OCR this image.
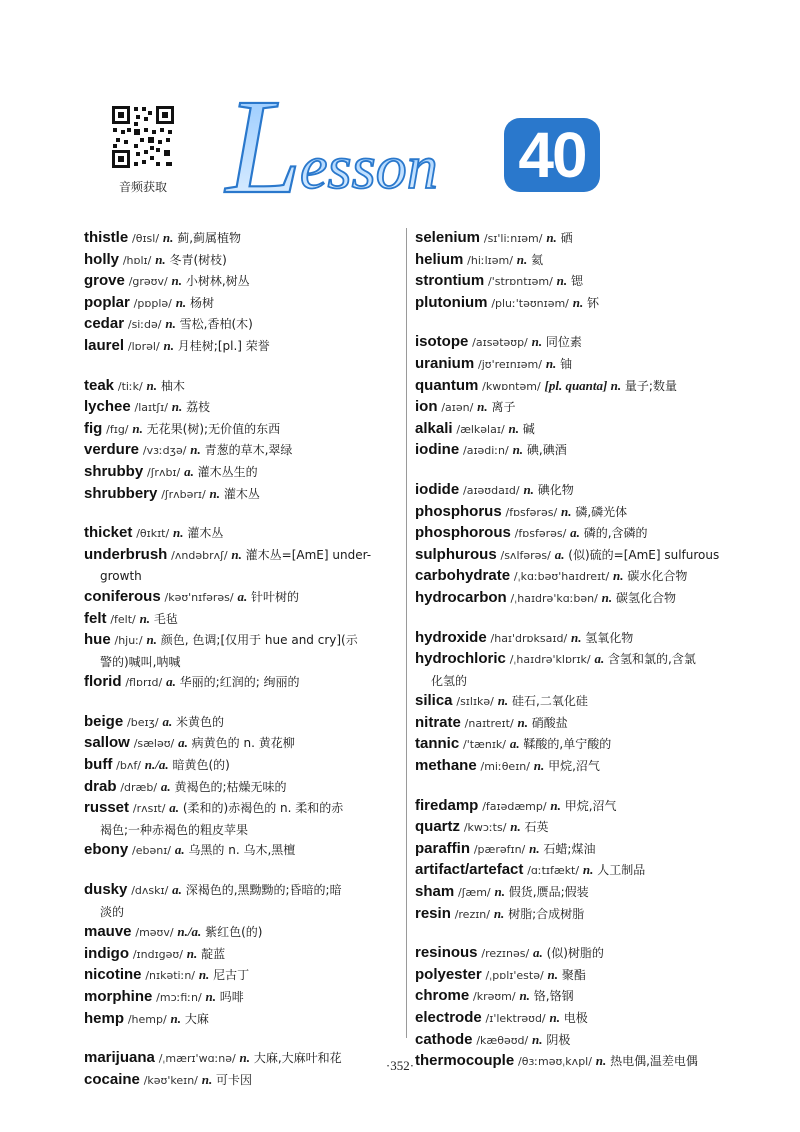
音频获取 L
esson 40
thistle /θɪsl/ n. 蓟,蓟属植物
holly /hɒlɪ/ n. 冬青(树枝)
grove /grəʊv/ n. 小树林,树丛
poplar /pɒplə/ n. 杨树
cedar /siːdə/ n. 雪松,香柏(木)
laurel /lɒrəl/ n. 月桂树;[pl.] 荣誉
teak /tiːk/ n. 柚木
lychee /laɪtʃɪ/ n. 荔枝
fig /fɪg/ n. 无花果(树);无价值的东西
verdure /vɜːdʒə/ n. 青葱的草木,翠绿
shrubby /ʃrʌbɪ/ a. 灌木丛生的
shrubbery /ʃrʌbərɪ/ n. 灌木丛
thicket /θɪkɪt/ n. 灌木丛
underbrush /ʌndəbrʌʃ/ n. 灌木丛=[AmE] under-
growth
coniferous /kəʊ'nɪfərəs/ a. 针叶树的
felt /felt/ n. 毛毡
hue /hjuː/ n. 颜色, 色调;[仅用于 hue and cry](示
警的)喊叫,呐喊
florid /flɒrɪd/ a. 华丽的;红润的; 绚丽的
beige /beɪʒ/ a. 米黄色的
sallow /sæləʊ/ a. 病黄色的 n. 黄花柳
buff /bʌf/ n./a. 暗黄色(的)
drab /dræb/ a. 黄褐色的;枯燥无味的
russet /rʌsɪt/ a. (柔和的)赤褐色的 n. 柔和的赤
褐色;一种赤褐色的粗皮苹果
ebony /ebənɪ/ a. 乌黑的 n. 乌木,黑檀
dusky /dʌskɪ/ a. 深褐色的,黑黝黝的;昏暗的;暗
淡的
mauve /məʊv/ n./a. 紫红色(的)
indigo /ɪndɪgəʊ/ n. 靛蓝
nicotine /nɪkətiːn/ n. 尼古丁
morphine /mɔːfiːn/ n. 吗啡
hemp /hemp/ n. 大麻
marijuana /ˌmærɪ'wɑːnə/ n. 大麻,大麻叶和花
cocaine /kəʊ'keɪn/ n. 可卡因
selenium /sɪ'liːnɪəm/ n. 硒
helium /hiːlɪəm/ n. 氦
strontium /'strɒntɪəm/ n. 锶
plutonium /pluː'təʊnɪəm/ n. 钚
isotope /aɪsətəʊp/ n. 同位素
uranium /jʊ'reɪnɪəm/ n. 铀
quantum /kwɒntəm/ [pl. quanta] n. 量子;数量
ion /aɪən/ n. 离子
alkali /ælkəlaɪ/ n. 碱
iodine /aɪədiːn/ n. 碘,碘酒
iodide /aɪəʊdaɪd/ n. 碘化物
phosphorus /fɒsfərəs/ n. 磷,磷光体
phosphorous /fɒsfərəs/ a. 磷的,含磷的
sulphurous /sʌlfərəs/ a. (似)硫的=[AmE] sulfurous
carbohydrate /ˌkɑːbəʊ'haɪdreɪt/ n. 碳水化合物
hydrocarbon /ˌhaɪdrə'kɑːbən/ n. 碳氢化合物
hydroxide /haɪ'drɒksaɪd/ n. 氢氧化物
hydrochloric /ˌhaɪdrə'klɒrɪk/ a. 含氢和氯的,含氯
化氢的
silica /sɪlɪkə/ n. 硅石,二氧化硅
nitrate /naɪtreɪt/ n. 硝酸盐
tannic /'tænɪk/ a. 鞣酸的,单宁酸的
methane /miːθeɪn/ n. 甲烷,沼气
firedamp /faɪədæmp/ n. 甲烷,沼气
quartz /kwɔːts/ n. 石英
paraffin /pærəfɪn/ n. 石蜡;煤油
artifact/artefact /ɑːtɪfækt/ n. 人工制品
sham /ʃæm/ n. 假货,赝品;假装
resin /rezɪn/ n. 树脂;合成树脂
resinous /rezɪnəs/ a. (似)树脂的
polyester /ˌpɒlɪ'estə/ n. 聚酯
chrome /krəʊm/ n. 铬,铬钢
electrode /ɪ'lektrəʊd/ n. 电极
cathode /kæθəʊd/ n. 阴极
thermocouple /θɜːməʊˌkʌpl/ n. 热电偶,温差电偶
·352·
